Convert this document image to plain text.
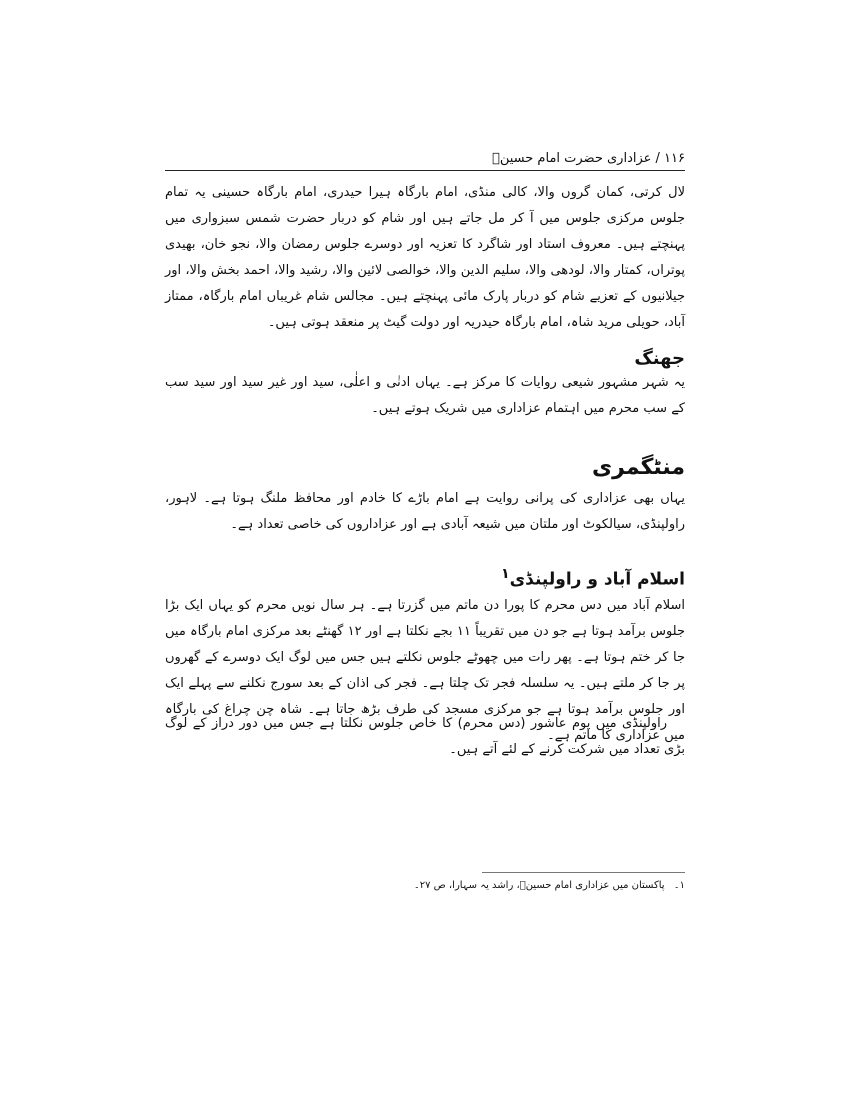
۱۱۶ / عزاداری حضرت امام حسینؑ
لال کرتی، کمان گروں والا، کالی منڈی، امام بارگاہ ہیرا حیدری، امام بارگاہ حسینی یہ تمام جلوس مرکزی جلوس میں آ کر مل جاتے ہیں اور شام کو دربار حضرت شمس سبزواری میں پہنچتے ہیں۔ معروف استاد اور شاگرد کا تعزیہ اور دوسرے جلوس رمضان والا، نجو خان، بھیدی پوتراں، کمتار والا، لودھی والا، سلیم الدین والا، خوالصی لائین والا، رشید والا، احمد بخش والا، اور جیلانیوں کے تعزیے شام کو دربار پارک مائی پہنچتے ہیں۔ مجالس شام غریباں امام بارگاہ، ممتاز آباد، حویلی مرید شاہ، امام بارگاہ حیدریہ اور دولت گیٹ پر منعقد ہوتی ہیں۔
جھنگ
یہ شہر مشہور شیعی روایات کا مرکز ہے۔ یہاں ادنٰی و اعلٰی، سید اور غیر سید اور سید سب کے سب محرم میں اہتمام عزاداری میں شریک ہوتے ہیں۔
منٹگمری
یہاں بھی عزاداری کی پرانی روایت ہے امام باڑے کا خادم اور محافظ ملنگ ہوتا ہے۔ لاہور، راولپنڈی، سیالکوٹ اور ملتان میں شیعہ آبادی ہے اور عزاداروں کی خاصی تعداد ہے۔
اسلام آباد و راولپنڈی$^۱$
اسلام آباد میں دس محرم کا پورا دن ماتم میں گزرتا ہے۔ ہر سال نویں محرم کو یہاں ایک بڑا جلوس برآمد ہوتا ہے جو دن میں تقریباً ۱۱ بجے نکلتا ہے اور ۱۲ گھنٹے بعد مرکزی امام بارگاہ میں جا کر ختم ہوتا ہے۔ پھر رات میں چھوٹے جلوس نکلتے ہیں جس میں لوگ ایک دوسرے کے گھروں پر جا کر ملتے ہیں۔ یہ سلسلہ فجر تک چلتا ہے۔ فجر کی اذان کے بعد سورج نکلنے سے پہلے ایک اور جلوس برآمد ہوتا ہے جو مرکزی مسجد کی طرف بڑھ جاتا ہے۔ شاہ چن چراغ کی بارگاہ میں عزاداری کا ماتم ہے۔
راولپنڈی میں یوم عاشور (دس محرم) کا خاص جلوس نکلتا ہے جس میں دور دراز کے لوگ بڑی تعداد میں شرکت کرنے کے لئے آتے ہیں۔
۱۔ پاکستان میں عزاداری امام حسینؑ، راشد یہ سہارا، ص ۲۷۔
